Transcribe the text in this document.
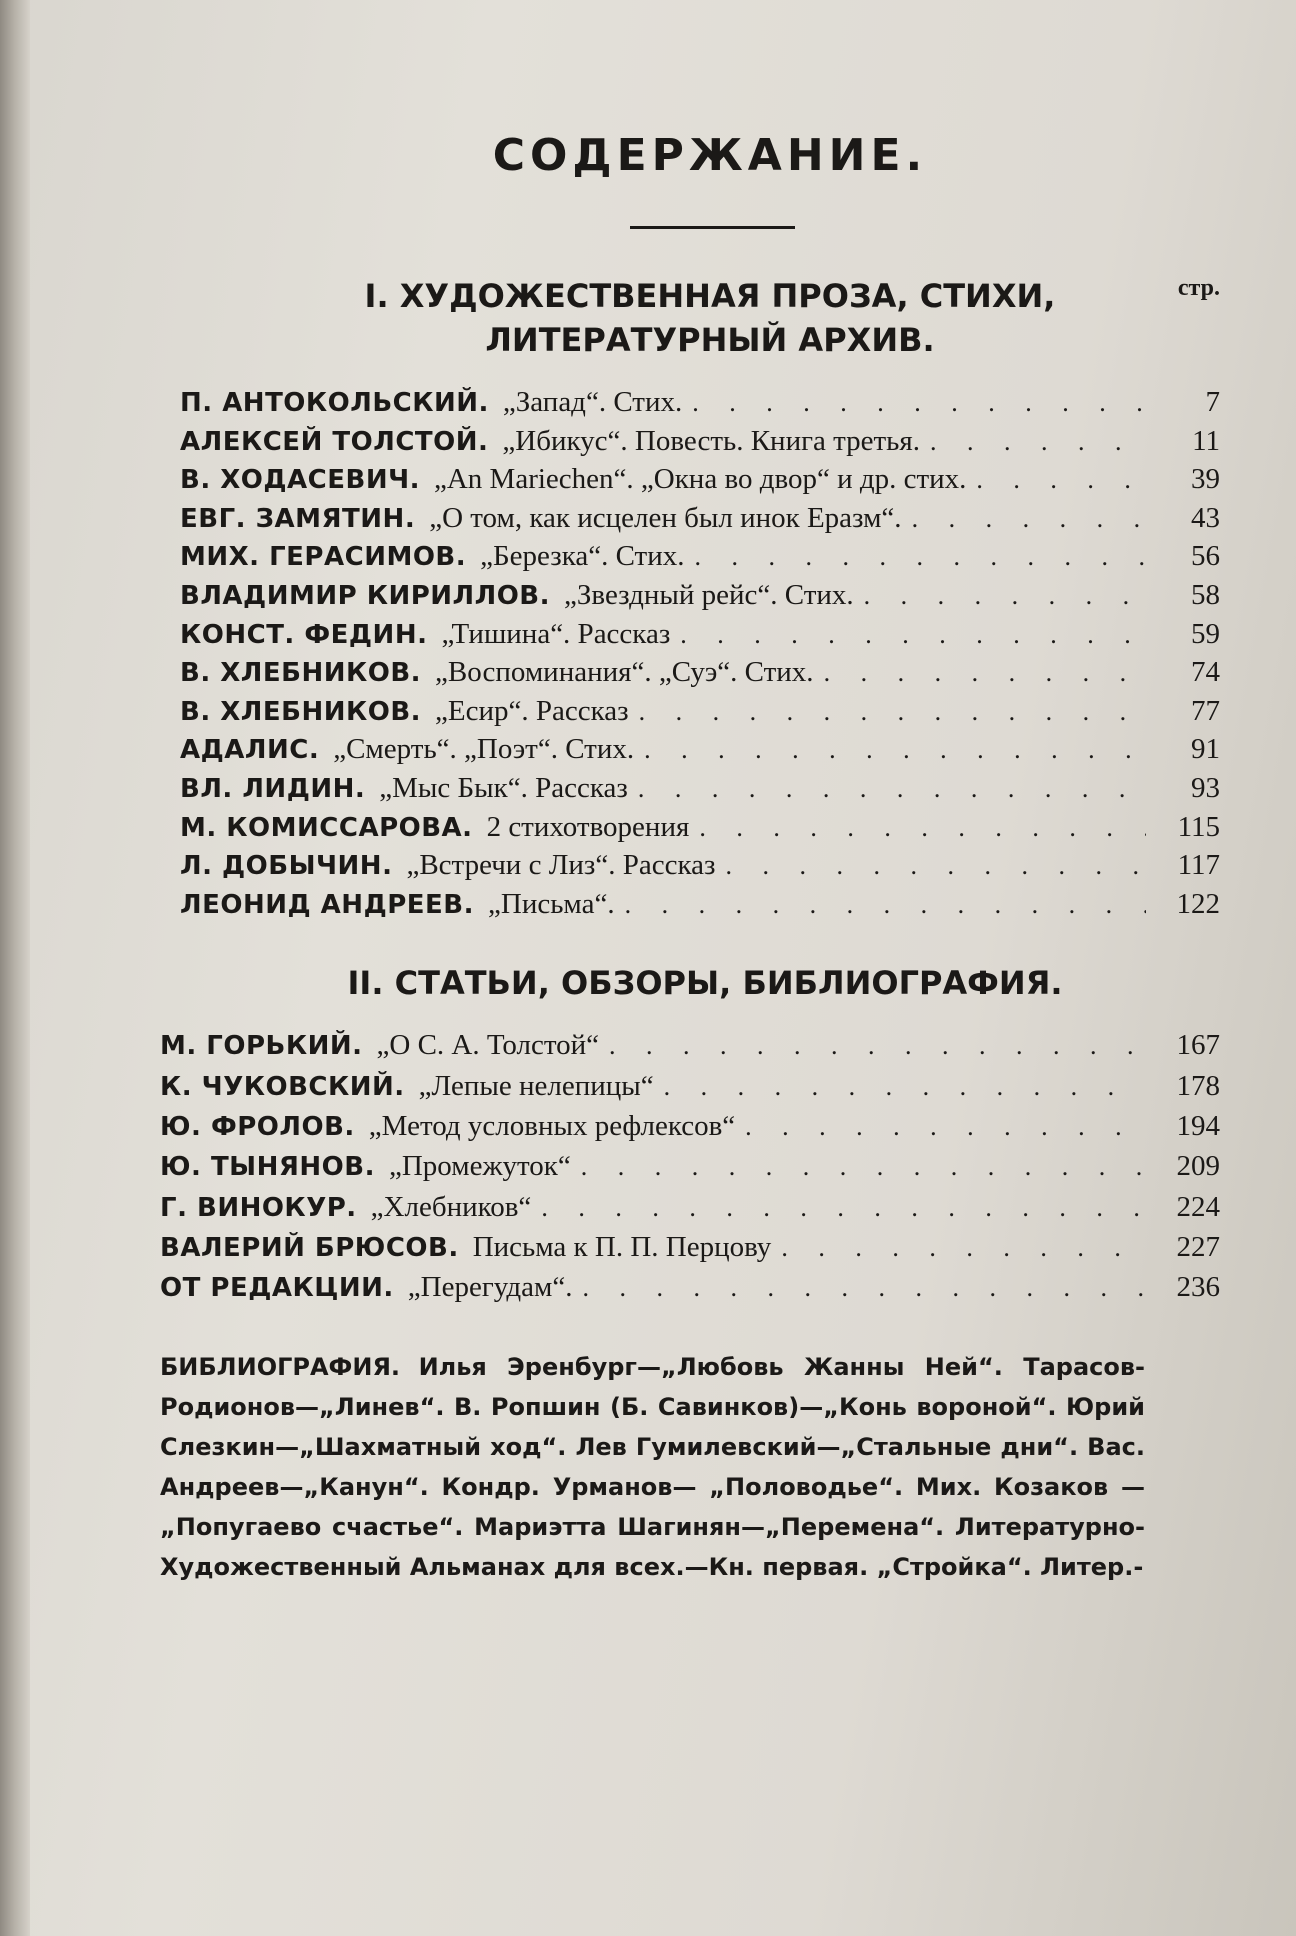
СОДЕРЖАНИЕ.
стр.
I. ХУДОЖЕСТВЕННАЯ ПРОЗА, СТИХИ,
ЛИТЕРАТУРНЫЙ АРХИВ.
П. АНТОКОЛЬСКИЙ. „Запад“. Стих. . . .	7
АЛЕКСЕЙ ТОЛСТОЙ. „Ибикус“. Повесть. Книга третья. . . .	11
В. ХОДАСЕВИЧ. „An Mariechen“. „Окна во двор“ и др. стих. . . .	39
ЕВГ. ЗАМЯТИН. „О том, как исцелен был инок Еразм“. . . .	43
МИХ. ГЕРАСИМОВ. „Березка“. Стих. . . .	56
ВЛАДИМИР КИРИЛЛОВ. „Звездный рейс“. Стих. . . .	58
КОНСТ. ФЕДИН. „Тишина“. Рассказ . . .	59
В. ХЛЕБНИКОВ. „Воспоминания“. „Суэ“. Стих. . . .	74
В. ХЛЕБНИКОВ. „Есир“. Рассказ . . .	77
АДАЛИС. „Смерть“. „Поэт“. Стих. . . .	91
ВЛ. ЛИДИН. „Мыс Бык“. Рассказ . . .	93
М. КОМИССАРОВА. 2 стихотворения . . .	115
Л. ДОБЫЧИН. „Встречи с Лиз“. Рассказ . . .	117
ЛЕОНИД АНДРЕЕВ. „Письма“. . . .	122
II. СТАТЬИ, ОБЗОРЫ, БИБЛИОГРАФИЯ.
М. ГОРЬКИЙ. „О С. А. Толстой“ . . .	167
К. ЧУКОВСКИЙ. „Лепые нелепицы“ . . .	178
Ю. ФРОЛОВ. „Метод условных рефлексов“ . . .	194
Ю. ТЫНЯНОВ. „Промежуток“ . . .	209
Г. ВИНОКУР. „Хлебников“ . . .	224
ВАЛЕРИЙ БРЮСОВ. Письма к П. П. Перцову . . .	227
ОТ РЕДАКЦИИ. „Перегудам“. . . .	236
БИБЛИОГРАФИЯ. Илья Эренбург—„Любовь Жанны Ней“. Тарасов-Родионов—„Линев“. В. Ропшин (Б. Савинков)—„Конь вороной“. Юрий Слезкин—„Шахматный ход“. Лев Гумилевский—„Стальные дни“. Вас. Андреев—„Канун“. Кондр. Урманов— „Половодье“. Мих. Козаков — „Попугаево счастье“. Мариэтта Шагинян—„Перемена“. Литературно-Художественный Альманах для всех.—Кн. первая. „Стройка“. Литер.-
